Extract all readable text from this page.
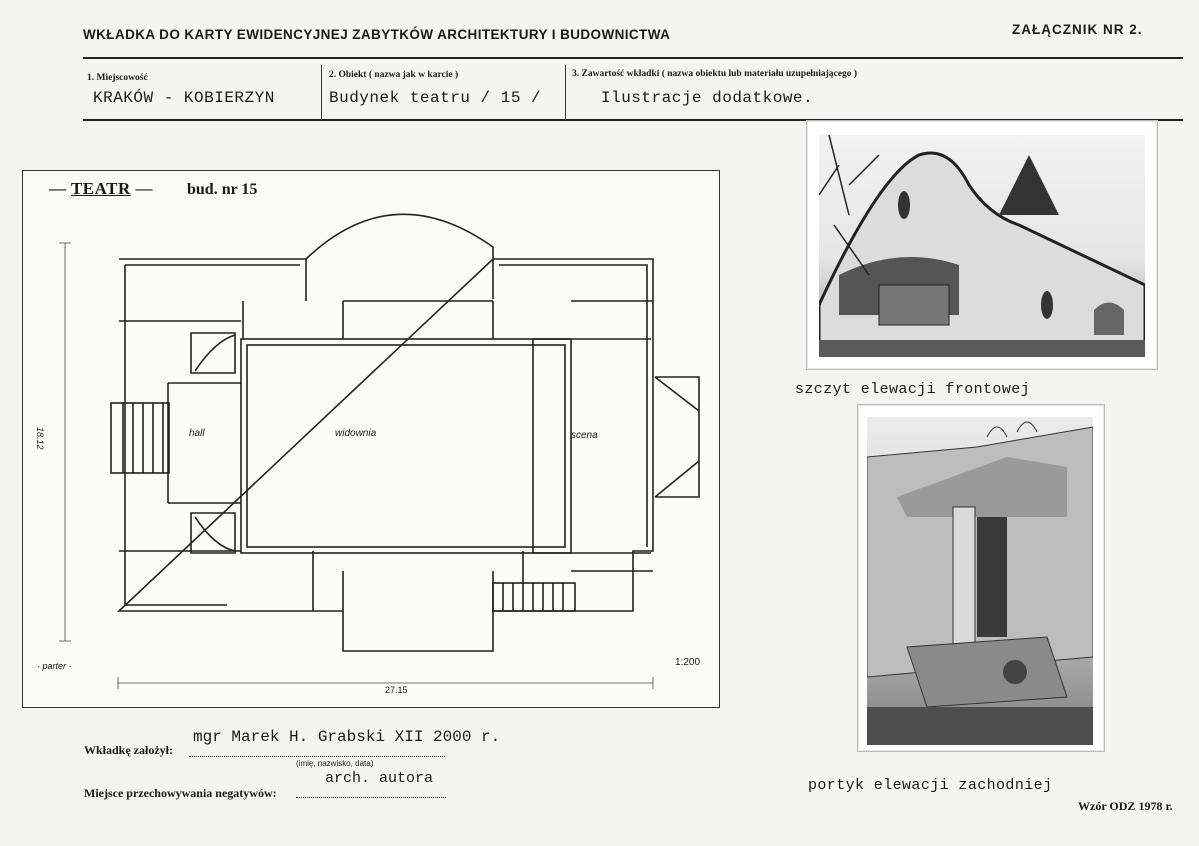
WKŁADKA DO KARTY EWIDENCYJNEJ ZABYTKÓW ARCHITEKTURY I BUDOWNICTWA	ZAŁĄCZNIK NR 2.
1. Miejscowość
KRAKÓW - KOBIERZYN
2. Obiekt ( nazwa jak w karcie )
Budynek teatru / 15 /
3. Zawartość wkładki ( nazwa obiektu lub materiału uzupełniającego )
Ilustracje dodatkowe.
— TEATR — bud. nr 15
hall	widownia	scena
18.12
27.15
· parter ·	1:200
szczyt elewacji frontowej
portyk elewacji zachodniej
Wkładkę założył:
mgr Marek H. Grabski XII 2000 r.
(imię, nazwisko, data)
Miejsce przechowywania negatywów:
arch. autora
Wzór ODZ 1978 r.
